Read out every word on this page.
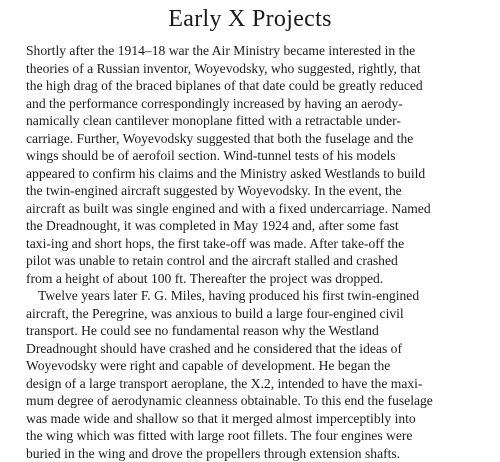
Early X Projects
Shortly after the 1914–18 war the Air Ministry became interested in the
theories of a Russian inventor, Woyevodsky, who suggested, rightly, that
the high drag of the braced biplanes of that date could be greatly reduced
and the performance correspondingly increased by having an aerody-
namically clean cantilever monoplane fitted with a retractable under-
carriage. Further, Woyevodsky suggested that both the fuselage and the
wings should be of aerofoil section. Wind-tunnel tests of his models
appeared to confirm his claims and the Ministry asked Westlands to build
the twin-engined aircraft suggested by Woyevodsky. In the event, the
aircraft as built was single engined and with a fixed undercarriage. Named
the Dreadnought, it was completed in May 1924 and, after some fast
taxi-ing and short hops, the first take-off was made. After take-off the
pilot was unable to retain control and the aircraft stalled and crashed
from a height of about 100 ft. Thereafter the project was dropped.
Twelve years later F. G. Miles, having produced his first twin-engined
aircraft, the Peregrine, was anxious to build a large four-engined civil
transport. He could see no fundamental reason why the Westland
Dreadnought should have crashed and he considered that the ideas of
Woyevodsky were right and capable of development. He began the
design of a large transport aeroplane, the X.2, intended to have the maxi-
mum degree of aerodynamic cleanness obtainable. To this end the fuselage
was made wide and shallow so that it merged almost imperceptibly into
the wing which was fitted with large root fillets. The four engines were
buried in the wing and drove the propellers through extension shafts.
